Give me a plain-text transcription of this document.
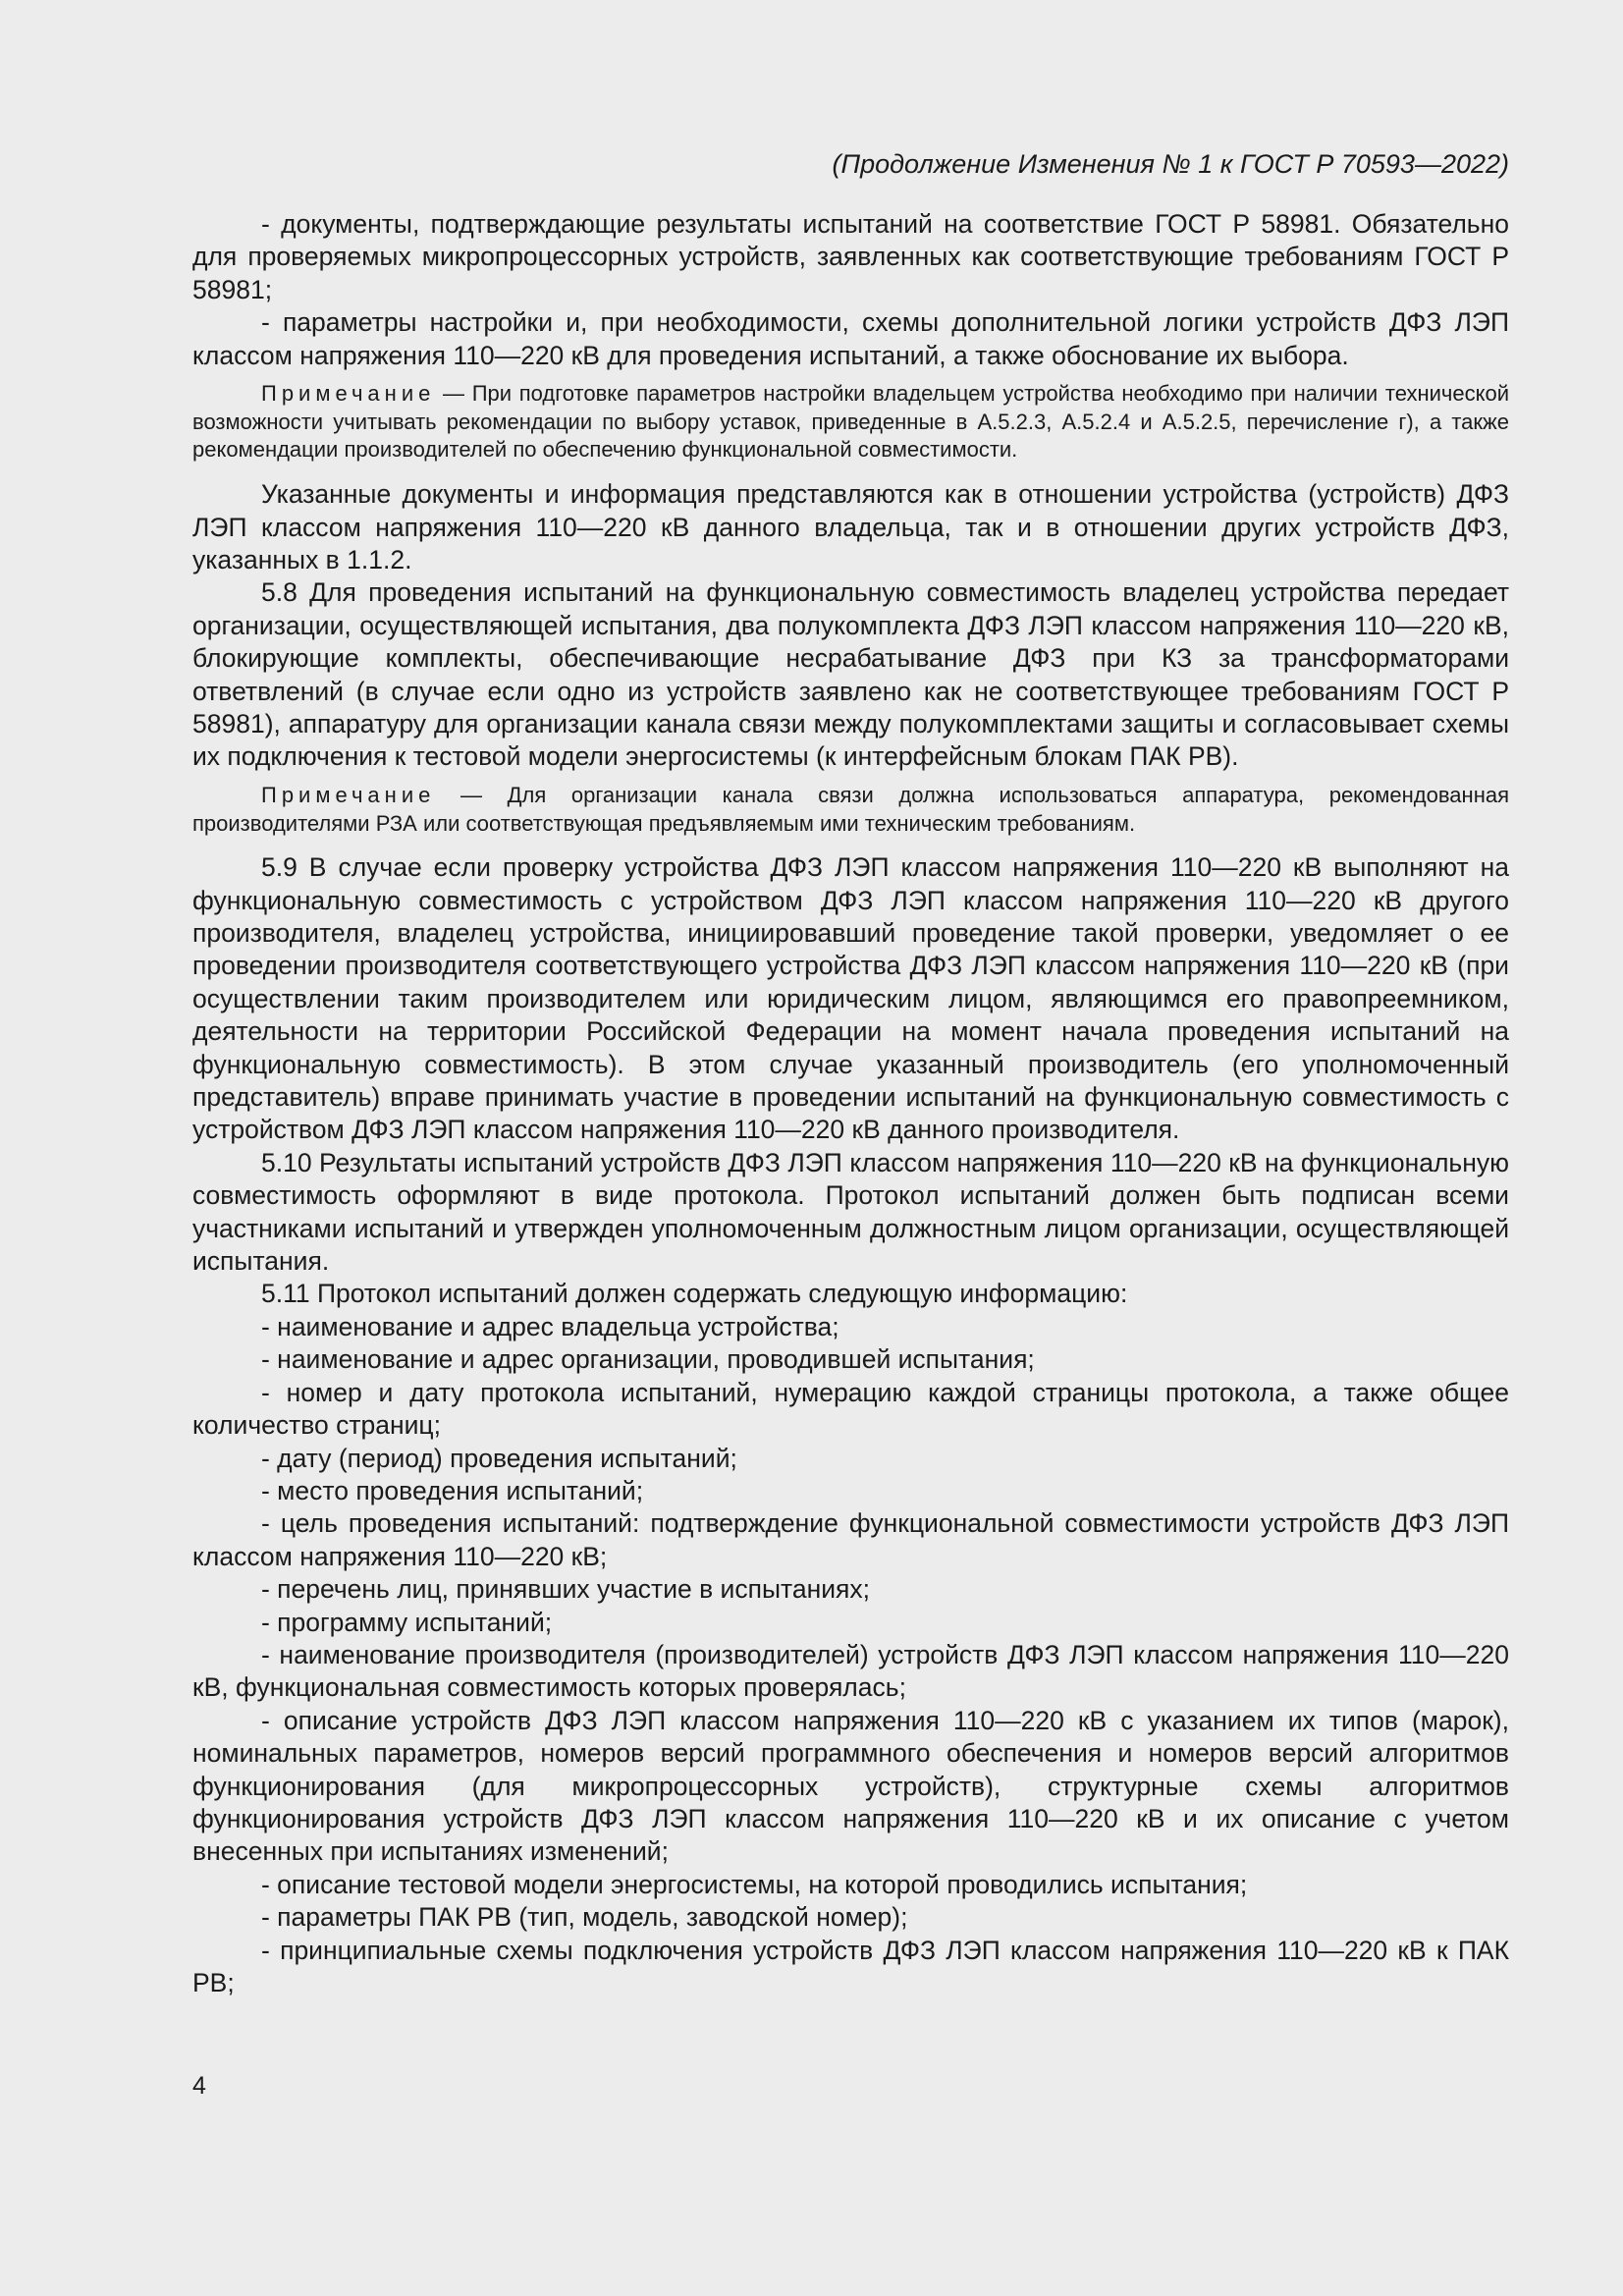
(Продолжение Изменения № 1 к ГОСТ Р 70593—2022)

- документы, подтверждающие результаты испытаний на соответствие ГОСТ Р 58981. Обязательно для проверяемых микропроцессорных устройств, заявленных как соответствующие требованиям ГОСТ Р 58981;

- параметры настройки и, при необходимости, схемы дополнительной логики устройств ДФЗ ЛЭП классом напряжения 110—220 кВ для проведения испытаний, а также обоснование их выбора.

Примечание — При подготовке параметров настройки владельцем устройства необходимо при наличии технической возможности учитывать рекомендации по выбору уставок, приведенные в А.5.2.3, А.5.2.4 и А.5.2.5, перечисление г), а также рекомендации производителей по обеспечению функциональной совместимости.

Указанные документы и информация представляются как в отношении устройства (устройств) ДФЗ ЛЭП классом напряжения 110—220 кВ данного владельца, так и в отношении других устройств ДФЗ, указанных в 1.1.2.

5.8 Для проведения испытаний на функциональную совместимость владелец устройства передает организации, осуществляющей испытания, два полукомплекта ДФЗ ЛЭП классом напряжения 110—220 кВ, блокирующие комплекты, обеспечивающие несрабатывание ДФЗ при КЗ за трансформаторами ответвлений (в случае если одно из устройств заявлено как не соответствующее требованиям ГОСТ Р 58981), аппаратуру для организации канала связи между полукомплектами защиты и согласовывает схемы их подключения к тестовой модели энергосистемы (к интерфейсным блокам ПАК РВ).

Примечание — Для организации канала связи должна использоваться аппаратура, рекомендованная производителями РЗА или соответствующая предъявляемым ими техническим требованиям.

5.9 В случае если проверку устройства ДФЗ ЛЭП классом напряжения 110—220 кВ выполняют на функциональную совместимость с устройством ДФЗ ЛЭП классом напряжения 110—220 кВ другого производителя, владелец устройства, инициировавший проведение такой проверки, уведомляет о ее проведении производителя соответствующего устройства ДФЗ ЛЭП классом напряжения 110—220 кВ (при осуществлении таким производителем или юридическим лицом, являющимся его правопреемником, деятельности на территории Российской Федерации на момент начала проведения испытаний на функциональную совместимость). В этом случае указанный производитель (его уполномоченный представитель) вправе принимать участие в проведении испытаний на функциональную совместимость с устройством ДФЗ ЛЭП классом напряжения 110—220 кВ данного производителя.

5.10 Результаты испытаний устройств ДФЗ ЛЭП классом напряжения 110—220 кВ на функциональную совместимость оформляют в виде протокола. Протокол испытаний должен быть подписан всеми участниками испытаний и утвержден уполномоченным должностным лицом организации, осуществляющей испытания.

5.11 Протокол испытаний должен содержать следующую информацию:

- наименование и адрес владельца устройства;

- наименование и адрес организации, проводившей испытания;

- номер и дату протокола испытаний, нумерацию каждой страницы протокола, а также общее количество страниц;

- дату (период) проведения испытаний;

- место проведения испытаний;

- цель проведения испытаний: подтверждение функциональной совместимости устройств ДФЗ ЛЭП классом напряжения 110—220 кВ;

- перечень лиц, принявших участие в испытаниях;

- программу испытаний;

- наименование производителя (производителей) устройств ДФЗ ЛЭП классом напряжения 110—220 кВ, функциональная совместимость которых проверялась;

- описание устройств ДФЗ ЛЭП классом напряжения 110—220 кВ с указанием их типов (марок), номинальных параметров, номеров версий программного обеспечения и номеров версий алгоритмов функционирования (для микропроцессорных устройств), структурные схемы алгоритмов функционирования устройств ДФЗ ЛЭП классом напряжения 110—220 кВ и их описание с учетом внесенных при испытаниях изменений;

- описание тестовой модели энергосистемы, на которой проводились испытания;

- параметры ПАК РВ (тип, модель, заводской номер);

- принципиальные схемы подключения устройств ДФЗ ЛЭП классом напряжения 110—220 кВ к ПАК РВ;

4
